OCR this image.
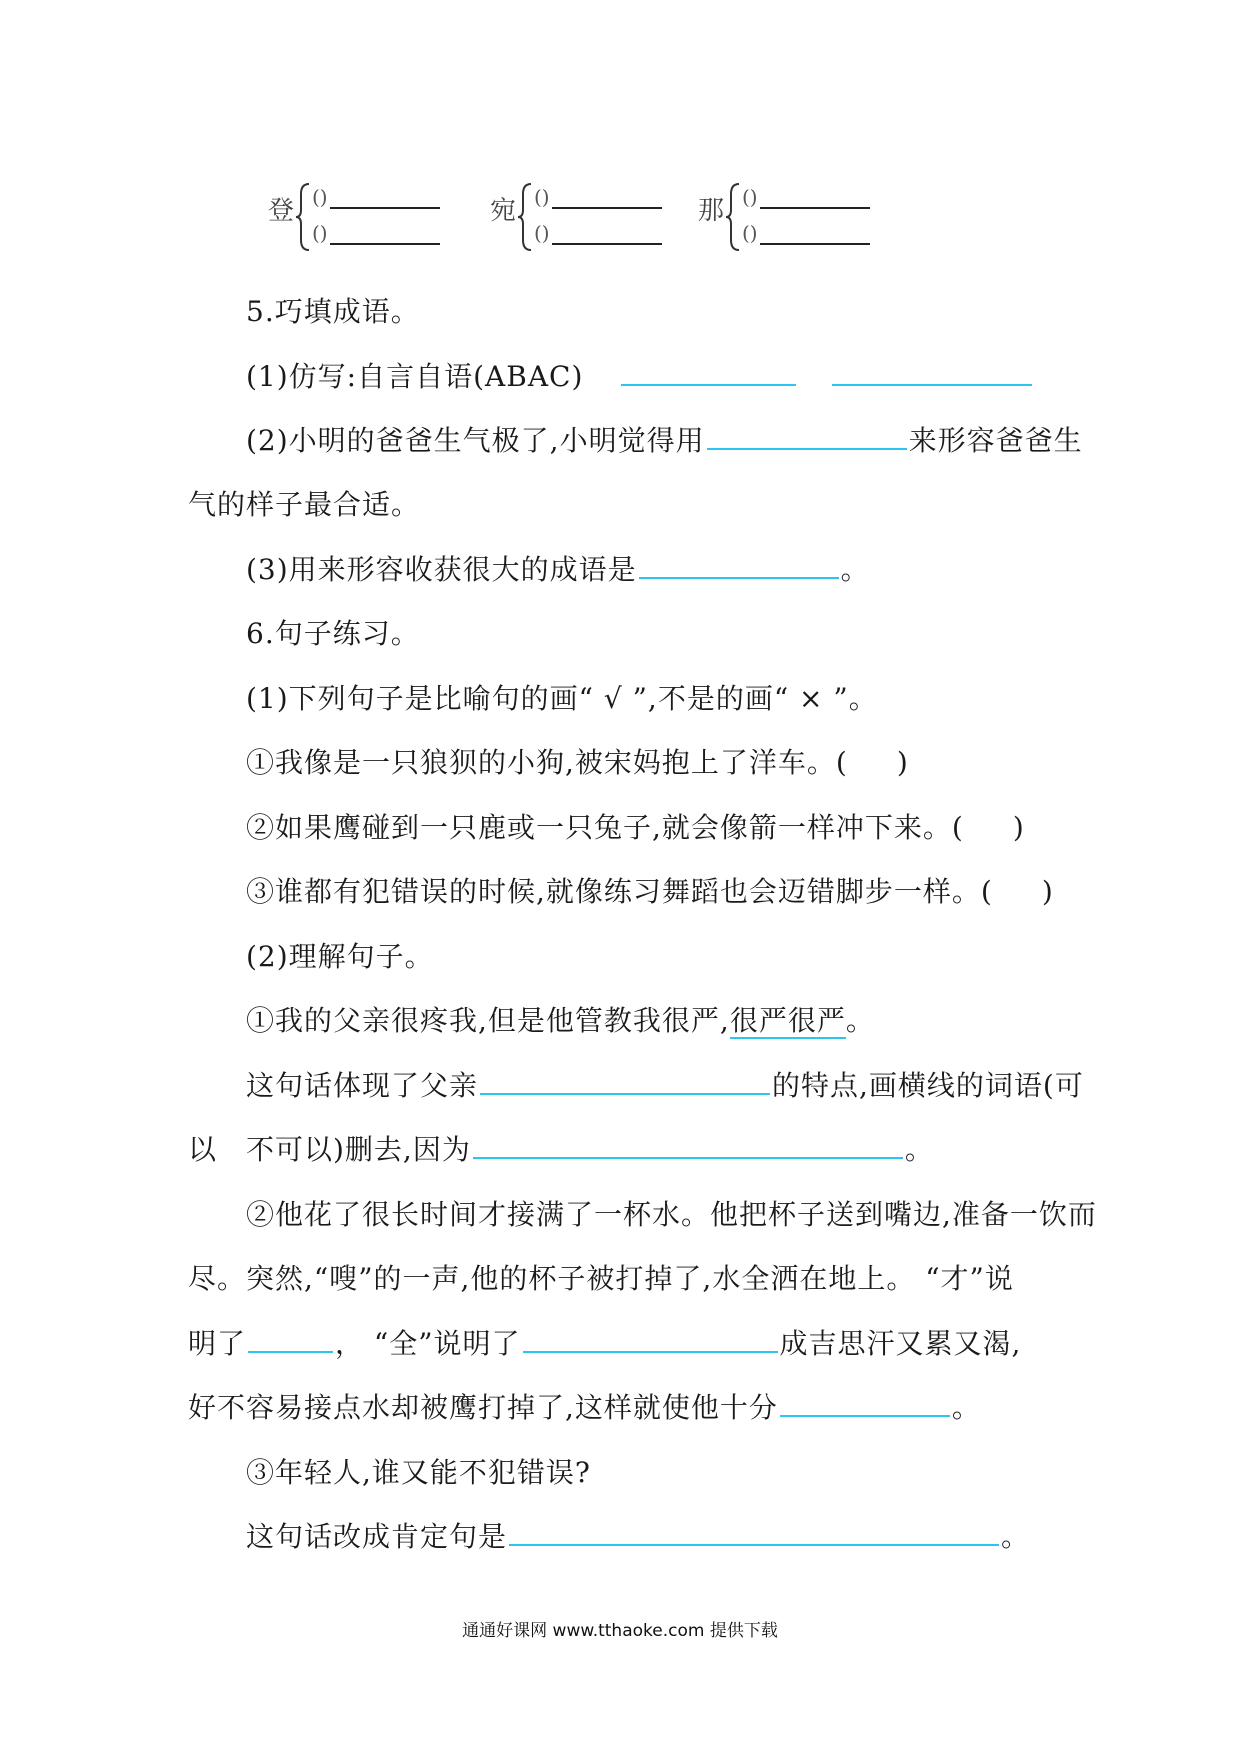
登 ()
()
宛 ()
()
那 ()
()
5.巧填成语。
(1)仿写:自言自语(ABAC)
(2)小明的爸爸生气极了,小明觉得用	来形容爸爸生
气的样子最合适。
(3)用来形容收获很大的成语是	。
6.句子练习。
(1)下列句子是比喻句的画“ √ ”,不是的画“ × ”。
①我像是一只狼狈的小狗,被宋妈抱上了洋车。( )
②如果鹰碰到一只鹿或一只兔子,就会像箭一样冲下来。( )
③谁都有犯错误的时候,就像练习舞蹈也会迈错脚步一样。( )
(2)理解句子。
①我的父亲很疼我,但是他管教我很严,很严很严。
这句话体现了父亲	的特点,画横线的词语(可
以　不可以)删去,因为	。
②他花了很长时间才接满了一杯水。他把杯子送到嘴边,准备一饮而
尽。突然,“嗖”的一声,他的杯子被打掉了,水全洒在地上。 “才”说
明了	， “全”说明了	成吉思汗又累又渴,
好不容易接点水却被鹰打掉了,这样就使他十分	。
③年轻人,谁又能不犯错误?
这句话改成肯定句是	。
通通好课网 www.tthaoke.com 提供下载
